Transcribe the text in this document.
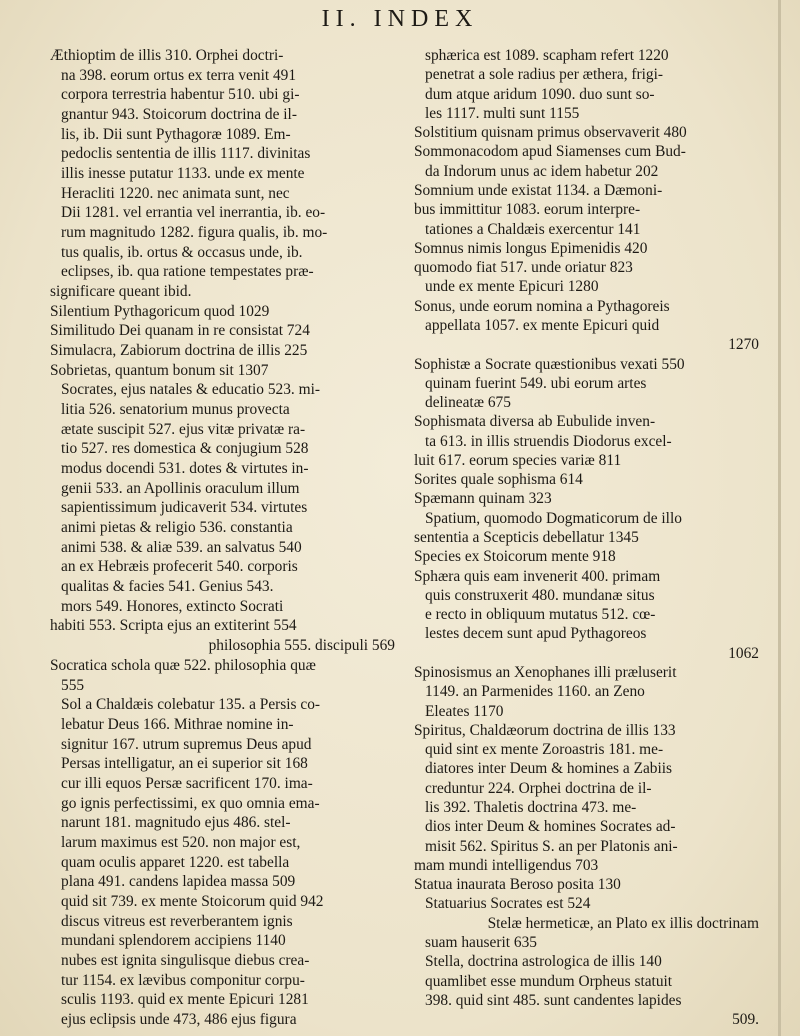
II. INDEX
Æthioptim de illis 310. Orphei doctri-
na 398. eorum ortus ex terra venit 491
corpora terrestria habentur 510. ubi gi-
gnantur 943. Stoicorum doctrina de il-
lis, ib. Dii sunt Pythagoræ 1089. Em-
pedoclis sententia de illis 1117. divinitas
illis inesse putatur 1133. unde ex mente
Heracliti 1220. nec animata sunt, nec
Dii 1281. vel errantia vel inerrantia, ib. eo-
rum magnitudo 1282. figura qualis, ib. mo-
tus qualis, ib. ortus & occasus unde, ib.
eclipses, ib. qua ratione tempestates præ-
significare queant ibid.
Silentium Pythagoricum quod 1029
Similitudo Dei quanam in re consistat 724
Simulacra, Zabiorum doctrina de illis 225
Sobrietas, quantum bonum sit 1307
Socrates, ejus natales & educatio 523. mi-
litia 526. senatorium munus provecta
ætate suscipit 527. ejus vitæ privatæ ra-
tio 527. res domestica & conjugium 528
modus docendi 531. dotes & virtutes in-
genii 533. an Apollinis oraculum illum
sapientissimum judicaverit 534. virtutes
animi pietas & religio 536. constantia
animi 538. & aliæ 539. an salvatus 540
an ex Hebræis profecerit 540. corporis
qualitas & facies 541. Genius 543.
mors 549. Honores, extincto Socrati
habiti 553. Scripta ejus an extiterint 554
philosophia 555. discipuli 569
Socratica schola quæ 522. philosophia quæ
555
Sol a Chaldæis colebatur 135. a Persis co-
lebatur Deus 166. Mithrae nomine in-
signitur 167. utrum supremus Deus apud
Persas intelligatur, an ei superior sit 168
cur illi equos Persæ sacrificent 170. ima-
go ignis perfectissimi, ex quo omnia ema-
narunt 181. magnitudo ejus 486. stel-
larum maximus est 520. non major est,
quam oculis apparet 1220. est tabella
plana 491. candens lapidea massa 509
quid sit 739. ex mente Stoicorum quid 942
discus vitreus est reverberantem ignis
mundani splendorem accipiens 1140
nubes est ignita singulisque diebus crea-
tur 1154. ex lævibus componitur corpu-
sculis 1193. quid ex mente Epicuri 1281
ejus eclipsis unde 473, 486 ejus figura
sphærica est 1089. scapham refert 1220
penetrat a sole radius per æthera, frigi-
dum atque aridum 1090. duo sunt so-
les 1117. multi sunt 1155
Solstitium quisnam primus observaverit 480
Sommonacodom apud Siamenses cum Bud-
da Indorum unus ac idem habetur 202
Somnium unde existat 1134. a Dæmoni-
bus immittitur 1083. eorum interpre-
tationes a Chaldæis exercentur 141
Somnus nimis longus Epimenidis 420
quomodo fiat 517. unde oriatur 823
unde ex mente Epicuri 1280
Sonus, unde eorum nomina a Pythagoreis
appellata 1057. ex mente Epicuri quid
1270
Sophistæ a Socrate quæstionibus vexati 550
quinam fuerint 549. ubi eorum artes
delineatæ 675
Sophismata diversa ab Eubulide inven-
ta 613. in illis struendis Diodorus excel-
luit 617. eorum species variæ 811
Sorites quale sophisma 614
Spæmann quinam 323
Spatium, quomodo Dogmaticorum de illo
sententia a Scepticis debellatur 1345
Species ex Stoicorum mente 918
Sphæra quis eam invenerit 400. primam
quis construxerit 480. mundanæ situs
e recto in obliquum mutatus 512. cœ-
lestes decem sunt apud Pythagoreos
1062
Spinosismus an Xenophanes illi præluserit
1149. an Parmenides 1160. an Zeno
Eleates 1170
Spiritus, Chaldæorum doctrina de illis 133
quid sint ex mente Zoroastris 181. me-
diatores inter Deum & homines a Zabiis
creduntur 224. Orphei doctrina de il-
lis 392. Thaletis doctrina 473. me-
dios inter Deum & homines Socrates ad-
misit 562. Spiritus S. an per Platonis ani-
mam mundi intelligendus 703
Statua inaurata Beroso posita 130
Statuarius Socrates est 524
Stelæ hermeticæ, an Plato ex illis doctrinam
suam hauserit 635
Stella, doctrina astrologica de illis 140
quamlibet esse mundum Orpheus statuit
398. quid sint 485. sunt candentes lapides
509.
